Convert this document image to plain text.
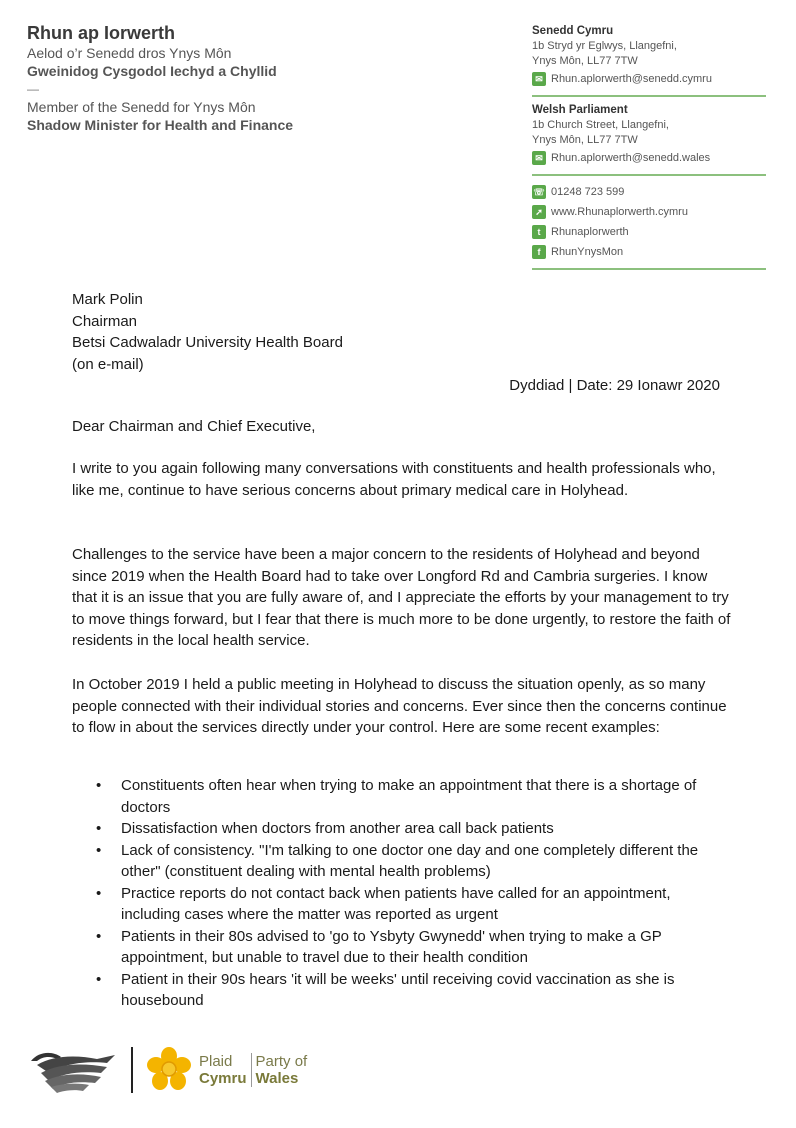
Rhun ap Iorwerth
Aelod o’r Senedd dros Ynys Môn
Gweinidog Cysgodol Iechyd a Chyllid
—
Member of the Senedd for Ynys Môn
Shadow Minister for Health and Finance
Senedd Cymru
1b Stryd yr Eglwys, Llangefni,
Ynys Môn, LL77 7TW
✉ Rhun.aplorwerth@senedd.cymru
Welsh Parliament
1b Church Street, Llangefni,
Ynys Môn, LL77 7TW
✉ Rhun.aplorwerth@senedd.wales
☏ 01248 723 599
➚ www.Rhunaplorwerth.cymru
t Rhunaplorwerth
f RhunYnysMon
Mark Polin
Chairman
Betsi Cadwaladr University Health Board
(on e-mail)
Dyddiad | Date: 29 Ionawr 2020

Dear Chairman and Chief Executive,

I write to you again following many conversations with constituents and health professionals who, like me, continue to have serious concerns about primary medical care in Holyhead.

Challenges to the service have been a major concern to the residents of Holyhead and beyond since 2019 when the Health Board had to take over Longford Rd and Cambria surgeries. I know that it is an issue that you are fully aware of, and I appreciate the efforts by your management to try to move things forward, but I fear that there is much more to be done urgently, to restore the faith of residents in the local health service.

In October 2019 I held a public meeting in Holyhead to discuss the situation openly, as so many people connected with their individual stories and concerns. Ever since then the concerns continue to flow in about the services directly under your control. Here are some recent examples:

• Constituents often hear when trying to make an appointment that there is a shortage of doctors
• Dissatisfaction when doctors from another area call back patients
• Lack of consistency. "I'm talking to one doctor one day and one completely different the other" (constituent dealing with mental health problems)
• Practice reports do not contact back when patients have called for an appointment, including cases where the matter was reported as urgent
• Patients in their 80s advised to 'go to Ysbyty Gwynedd' when trying to make a GP appointment, but unable to travel due to their health condition
• Patient in their 90s hears 'it will be weeks' until receiving covid vaccination as she is housebound
Plaid
Cymru
Party of
Wales
